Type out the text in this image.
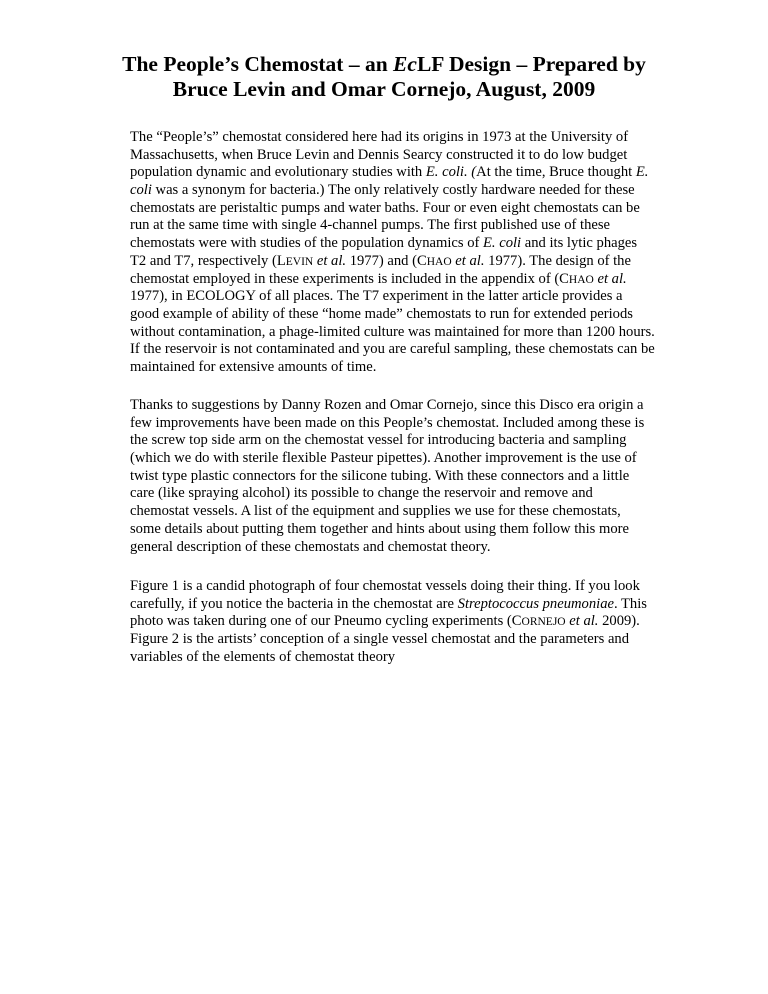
The People’s Chemostat – an EcLF Design – Prepared by
Bruce Levin and Omar Cornejo, August, 2009
The “People’s” chemostat considered here had its origins in 1973 at the University of
Massachusetts, when Bruce Levin and Dennis Searcy constructed it to do low budget
population dynamic and evolutionary studies with E. coli. (At the time, Bruce thought E.
coli was a synonym for bacteria.) The only relatively costly hardware needed for these
chemostats are peristaltic pumps and water baths. Four or even eight chemostats can be
run at the same time with single 4-channel pumps. The first published use of these
chemostats were with studies of the population dynamics of E. coli and its lytic phages
T2 and T7, respectively (LEVIN et al. 1977) and (CHAO et al. 1977). The design of the
chemostat employed in these experiments is included in the appendix of (CHAO et al.
1977), in ECOLOGY of all places. The T7 experiment in the latter article provides a
good example of ability of these “home made” chemostats to run for extended periods
without contamination, a phage-limited culture was maintained for more than 1200 hours.
If the reservoir is not contaminated and you are careful sampling, these chemostats can be
maintained for extensive amounts of time.
Thanks to suggestions by Danny Rozen and Omar Cornejo, since this Disco era origin a
few improvements have been made on this People’s chemostat. Included among these is
the screw top side arm on the chemostat vessel for introducing bacteria and sampling
(which we do with sterile flexible Pasteur pipettes). Another improvement is the use of
twist type plastic connectors for the silicone tubing. With these connectors and a little
care (like spraying alcohol) its possible to change the reservoir and remove and
chemostat vessels. A list of the equipment and supplies we use for these chemostats,
some details about putting them together and hints about using them follow this more
general description of these chemostats and chemostat theory.
Figure 1 is a candid photograph of four chemostat vessels doing their thing. If you look
carefully, if you notice the bacteria in the chemostat are Streptococcus pneumoniae. This
photo was taken during one of our Pneumo cycling experiments (CORNEJO et al. 2009).
Figure 2 is the artists’ conception of a single vessel chemostat and the parameters and
variables of the elements of chemostat theory
